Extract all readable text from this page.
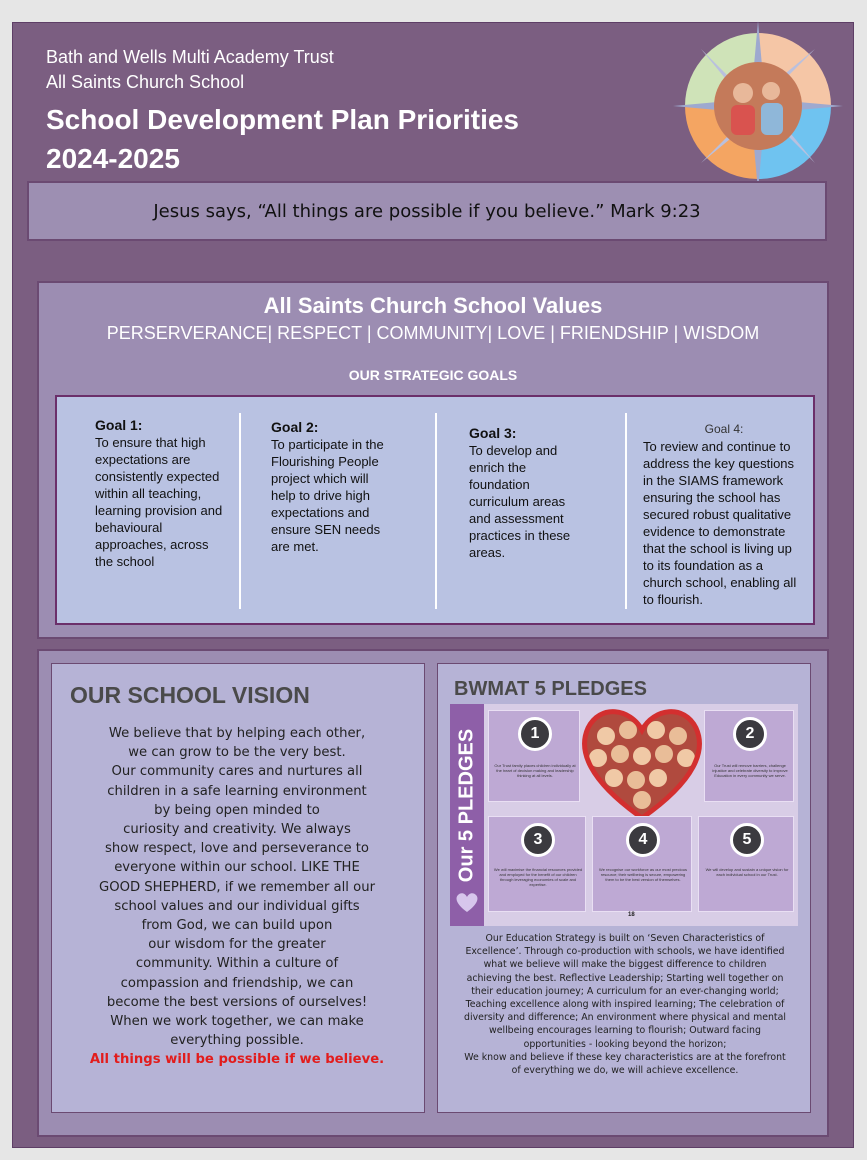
Bath and Wells Multi Academy Trust
All Saints Church School
School Development Plan Priorities
2024-2025
Jesus says, “All things are possible if you believe.” Mark 9:23
All Saints Church School Values
PERSERVERANCE| RESPECT | COMMUNITY| LOVE | FRIENDSHIP | WISDOM
OUR STRATEGIC GOALS
Goal 1:
To ensure that high expectations are consistently expected within all teaching, learning provision and behavioural approaches, across the school
Goal 2:
To participate in the Flourishing People project which will help to drive high expectations and ensure SEN needs are met.
Goal 3:
To develop and enrich the foundation curriculum areas and assessment practices in these areas.
Goal 4:
To review and continue to address the key questions in the SIAMS framework ensuring the school has secured robust qualitative evidence to demonstrate that the school is living up to its foundation as a church school, enabling all to flourish.
OUR SCHOOL VISION
We believe that by helping each other,
we can grow to be the very best.
Our community cares and nurtures all
children in a safe learning environment
by being open minded to
curiosity and creativity. We always
show respect, love and perseverance to
everyone within our school. LIKE THE
GOOD SHEPHERD, if we remember all our
school values and our individual gifts
from God, we can build upon
our wisdom for the greater
community. Within a culture of
compassion and friendship, we can
become the best versions of ourselves!
When we work together, we can make
everything possible.
All things will be possible if we believe.
BWMAT 5 PLEDGES
Our 5 PLEDGES	1
Our Trust family places children individually at the heart of decision making and leadership thinking at all levels.
2
Our Trust will remove barriers, challenge injustice and celebrate diversity to improve Education in every community we serve.
3
We will maximise the financial resources provided and employed for the benefit of our children through leveraging economies of scale and expertise.
4
We recognise our workforce as our most precious resource; their wellbeing is secure, empowering them to be the best version of themselves.
5
We will develop and sustain a unique vision for each individual school in our Trust.
18
Our Education Strategy is built on ‘Seven Characteristics of
Excellence’. Through co-production with schools, we have identified
what we believe will make the biggest difference to children
achieving the best. Reflective Leadership; Starting well together on
their education journey; A curriculum for an ever-changing world;
Teaching excellence along with inspired learning; The celebration of
diversity and difference; An environment where physical and mental
wellbeing encourages learning to flourish; Outward facing
opportunities - looking beyond the horizon;
We know and believe if these key characteristics are at the forefront
of everything we do, we will achieve excellence.
